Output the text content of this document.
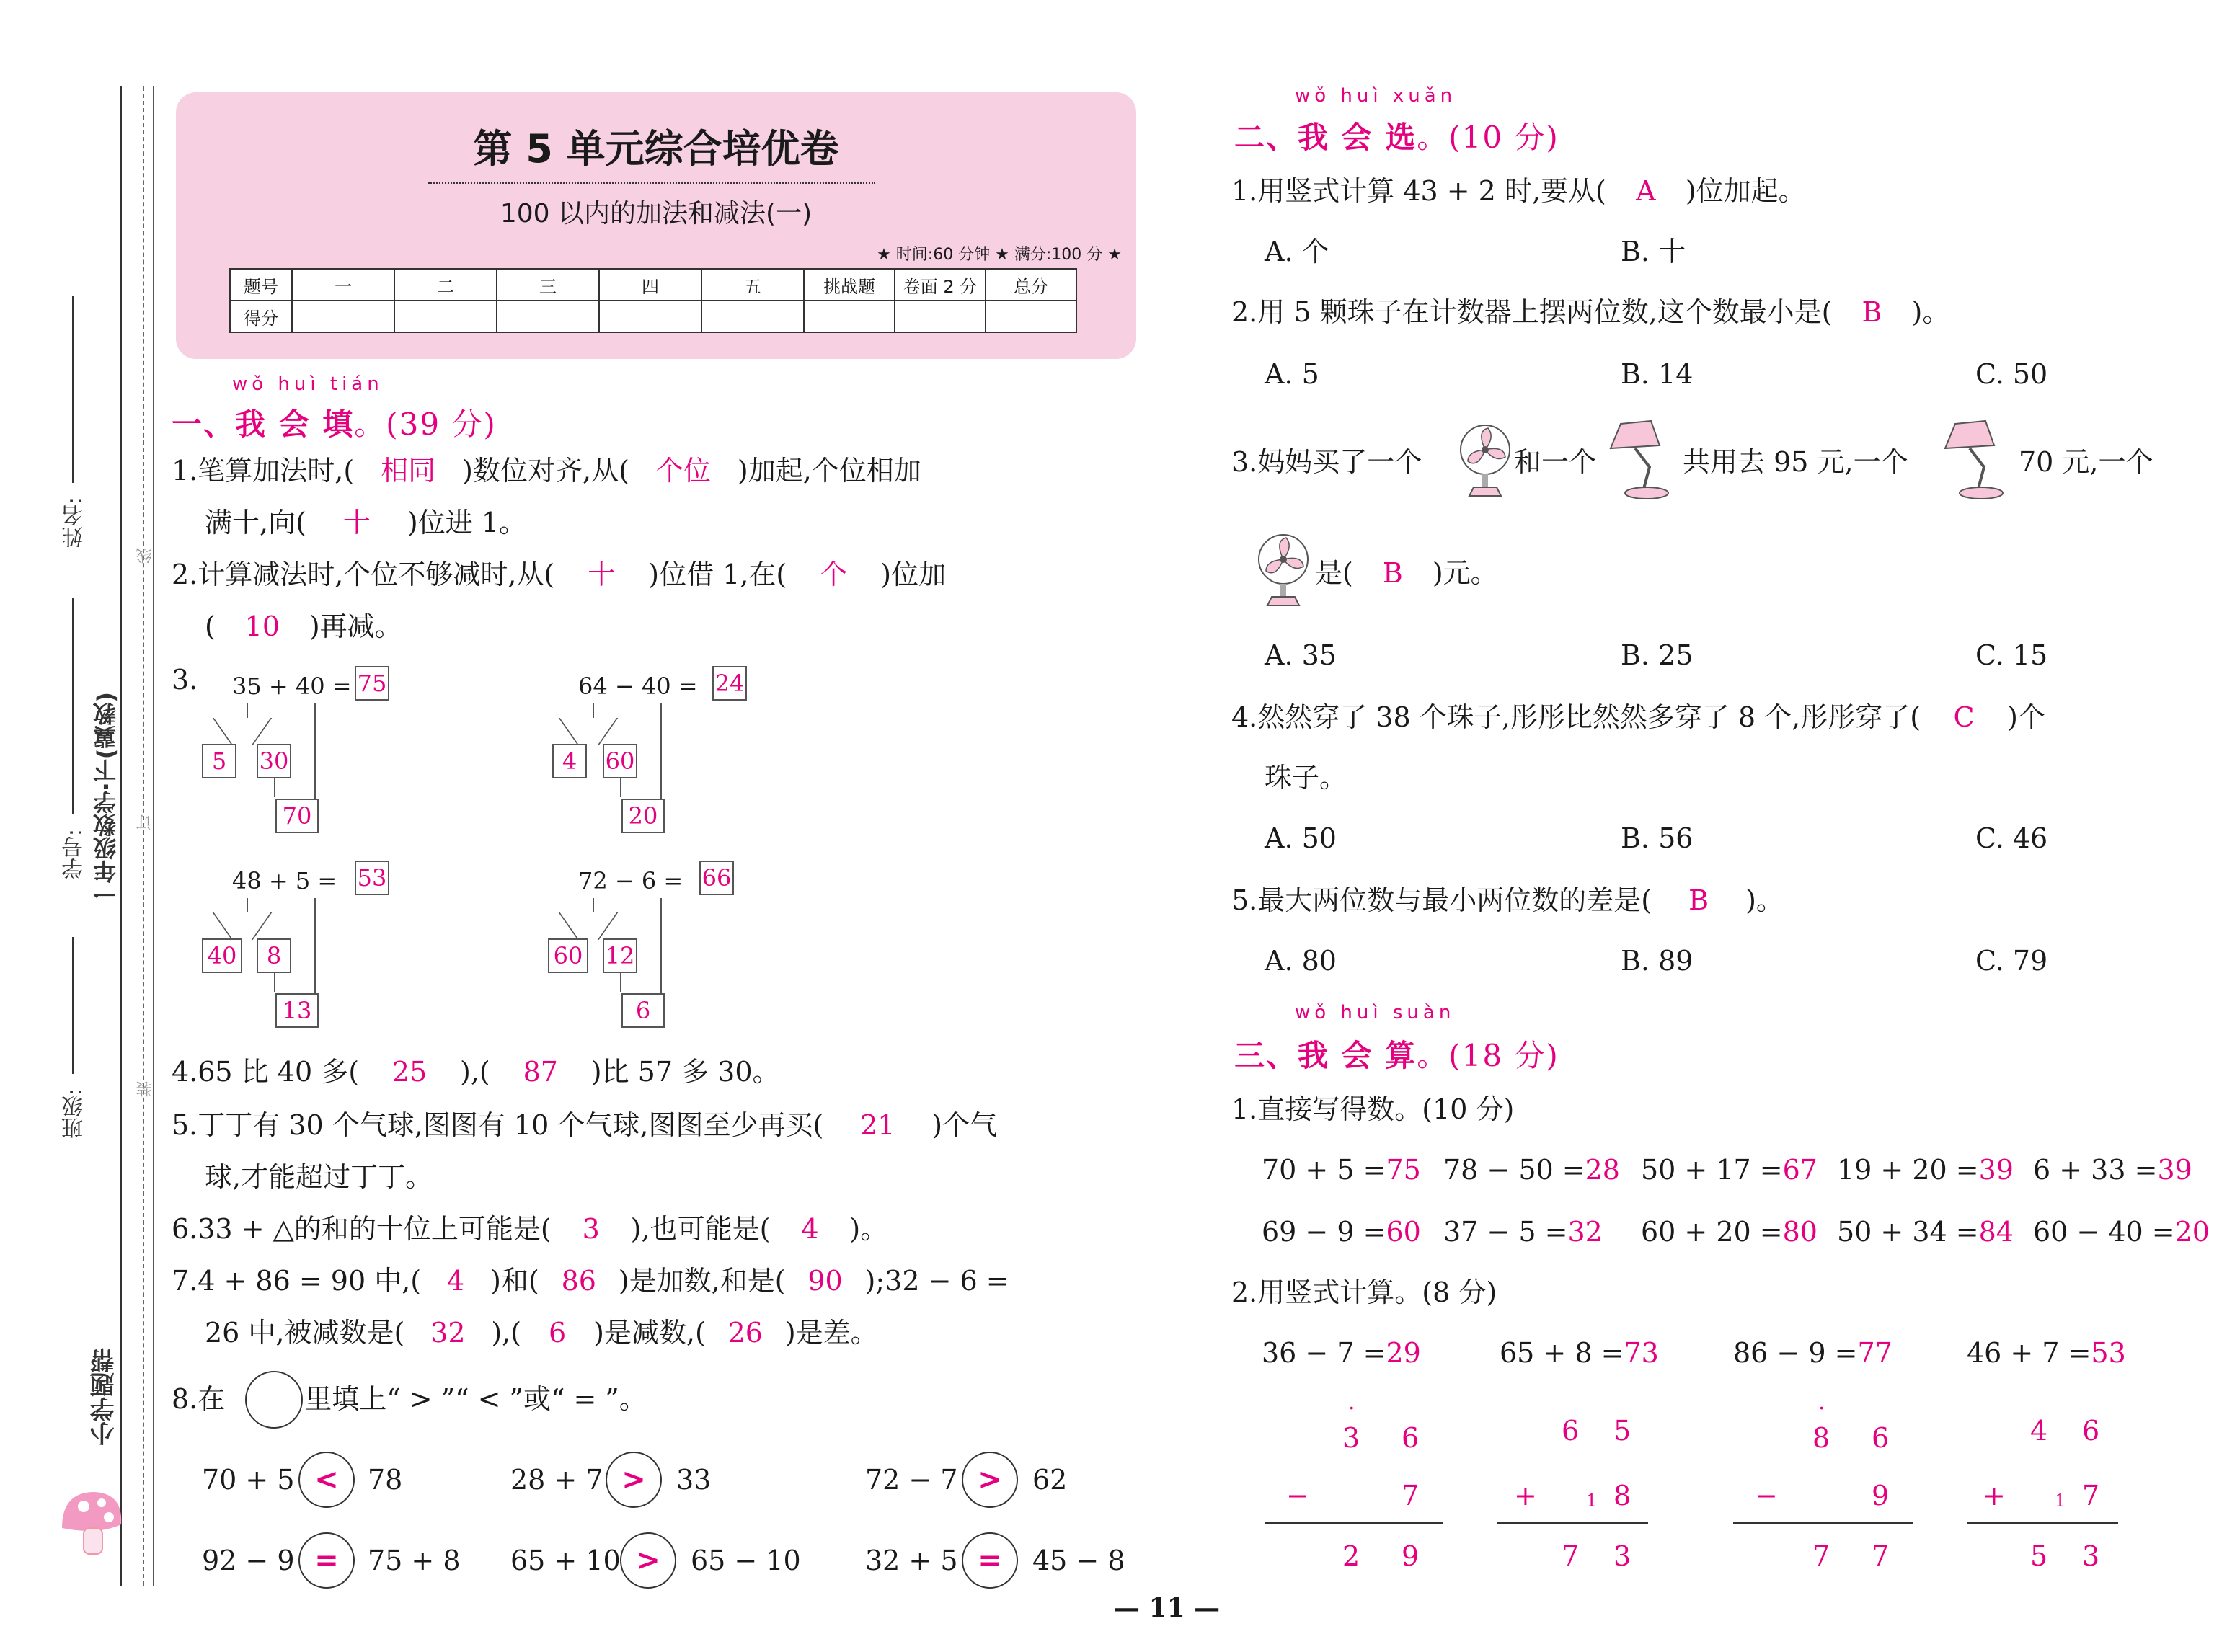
班级:
学号:
姓名:
一年级数学·下(冀教)
小学题帮
线
订
装
第 5 单元综合培优卷
100 以内的加法和减法(一)
★ 时间:60 分钟 ★ 满分:100 分 ★
题号	一	二	三	四	五	挑战题	卷面 2 分	总分
得分								
wǒ huì tián
一、我 会 填。(39 分)
1.笔算加法时,( 相同 )数位对齐,从( 个位 )加起,个位相加
满十,向( 十 )位进 1。
2.计算减法时,个位不够减时,从( 十 )位借 1,在( 个 )位加
( 10 )再减。
3. 35 + 40 = 75
5	30
70
64 − 40 = 24
4	60
20
48 + 5 = 53
40	8
13
72 − 6 = 66
60 12
6
4.65 比 40 多( 25 ),( 87 )比 57 多 30。
5.丁丁有 30 个气球,图图有 10 个气球,图图至少再买( 21 )个气
球,才能超过丁丁。
6.33 + △的和的十位上可能是( 3 ),也可能是( 4 )。
7.4 + 86 = 90 中,( 4 )和( 86 )是加数,和是( 90 );32 − 6 =
26 中,被减数是( 32 ),( 6 )是减数,( 26 )是差。
8.在	里填上“ > ”“ < ”或“ = ”。
70 + 5 <	78	28 + 7 >	33	72 − 7 >	62
92 − 9 =	75 + 8 65 + 10 >	65 − 10 32 + 5 =	45 − 8
wǒ huì xuǎn
二、我 会 选。(10 分)
1.用竖式计算 43 + 2 时,要从( A )位加起。
A. 个	B. 十
2.用 5 颗珠子在计数器上摆两位数,这个数最小是( B )。
A. 5	B. 14	C. 50
3.妈妈买了一个	和一个	共用去 95 元,一个	70 元,一个
是( B )元。
A. 35	B. 25	C. 15
4.然然穿了 38 个珠子,彤彤比然然多穿了 8 个,彤彤穿了( C )个
珠子。
A. 50	B. 56	C. 46
5.最大两位数与最小两位数的差是( B )。
A. 80	B. 89	C. 79
wǒ huì suàn
三、我 会 算。(18 分)
1.直接写得数。(10 分)
70 + 5 =75 78 − 50 =28 50 + 17 =67 19 + 20 =39 6 + 33 =39
69 − 9 =60 37 − 5 =32 60 + 20 =80 50 + 34 =84 60 − 40 =20
2.用竖式计算。(8 分)
36 − 7 =29	65 + 8 =73	86 − 9 =77	46 + 7 =53
·
3 6
−	7
2 9
6 5
+	1 8
7 3
·
8 6
−	9
7 7
4 6
+	1 7
5 3
— 11 —
